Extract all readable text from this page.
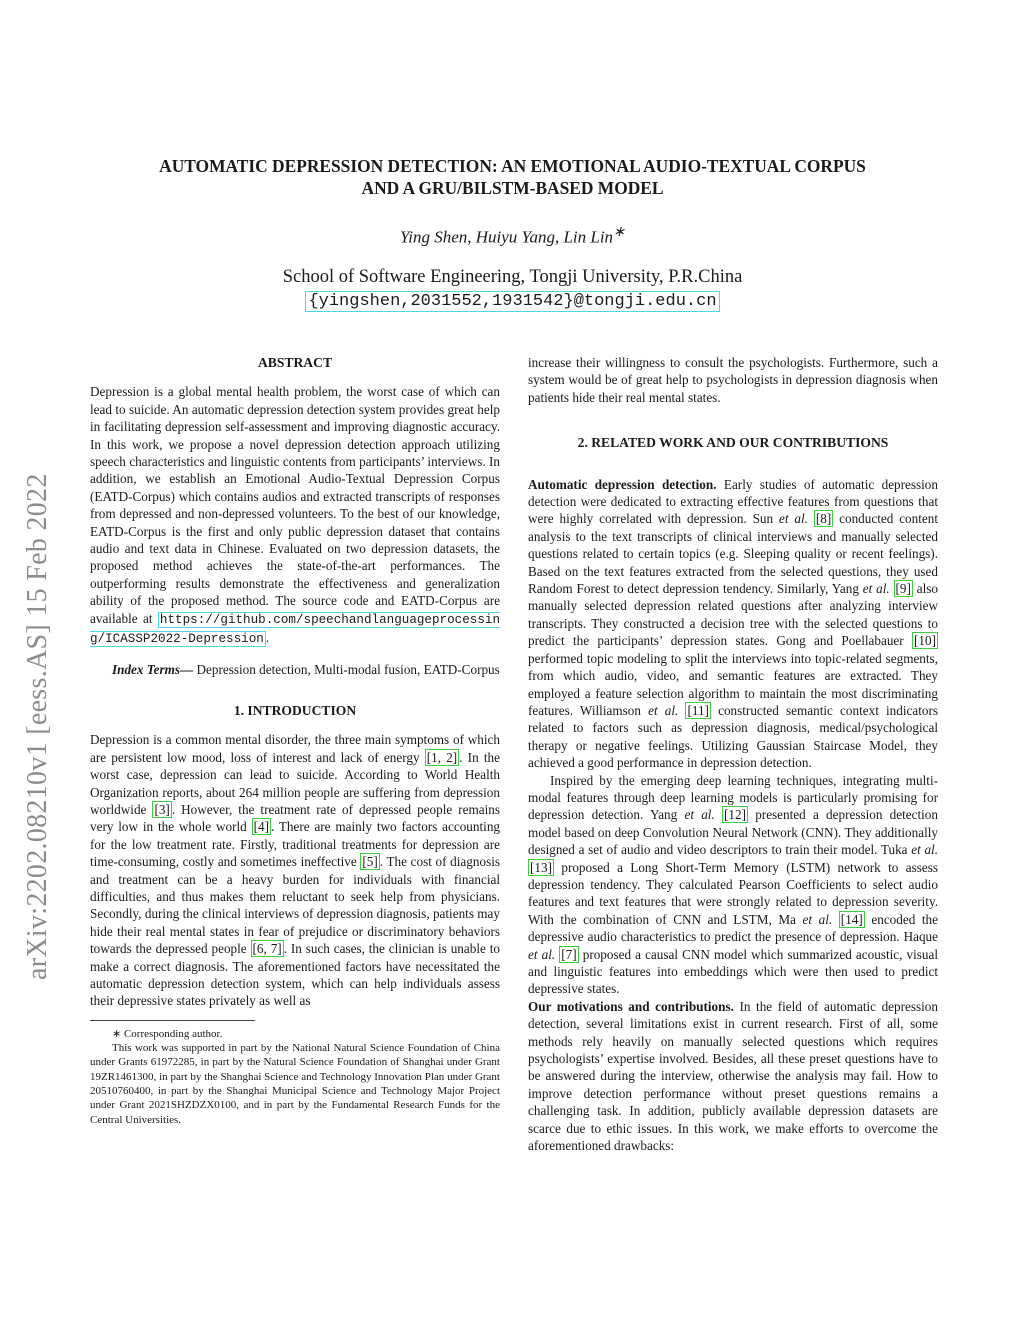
arXiv:2202.08210v1 [eess.AS] 15 Feb 2022
AUTOMATIC DEPRESSION DETECTION: AN EMOTIONAL AUDIO-TEXTUAL CORPUS
AND A GRU/BILSTM-BASED MODEL
Ying Shen, Huiyu Yang, Lin Lin∗
School of Software Engineering, Tongji University, P.R.China
{yingshen,2031552,1931542}@tongji.edu.cn
ABSTRACT

Depression is a global mental health problem, the worst case of which can lead to suicide. An automatic depression detection system provides great help in facilitating depression self-assessment and improving diagnostic accuracy. In this work, we propose a novel depression detection approach utilizing speech characteristics and linguistic contents from participants’ interviews. In addition, we establish an Emotional Audio-Textual Depression Corpus (EATD-Corpus) which contains audios and extracted transcripts of responses from depressed and non-depressed volunteers. To the best of our knowledge, EATD-Corpus is the first and only public depression dataset that contains audio and text data in Chinese. Evaluated on two depression datasets, the proposed method achieves the state-of-the-art performances. The outperforming results demonstrate the effectiveness and generalization ability of the proposed method. The source code and EATD-Corpus are available at https://github.com/speechandlanguageprocessing/ICASSP2022-Depression .

Index Terms— Depression detection, Multi-modal fusion, EATD-Corpus

1. INTRODUCTION

Depression is a common mental disorder, the three main symptoms of which are persistent low mood, loss of interest and lack of energy [1, 2] . In the worst case, depression can lead to suicide. According to World Health Organization reports, about 264 million people are suffering from depression worldwide [3] . However, the treatment rate of depressed people remains very low in the whole world [4] . There are mainly two factors accounting for the low treatment rate. Firstly, traditional treatments for depression are time-consuming, costly and sometimes ineffective [5] . The cost of diagnosis and treatment can be a heavy burden for individuals with financial difficulties, and thus makes them reluctant to seek help from physicians. Secondly, during the clinical interviews of depression diagnosis, patients may hide their real mental states in fear of prejudice or discriminatory behaviors towards the depressed people [6, 7] . In such cases, the clinician is unable to make a correct diagnosis. The aforementioned factors have necessitated the automatic depression detection system, which can help individuals assess their depressive states privately as well as

∗ Corresponding author.
This work was supported in part by the National Natural Science Foundation of China under Grants 61972285, in part by the Natural Science Foundation of Shanghai under Grant 19ZR1461300, in part by the Shanghai Science and Technology Innovation Plan under Grant 20510760400, in part by the Shanghai Municipal Science and Technology Major Project under Grant 2021SHZDZX0100, and in part by the Fundamental Research Funds for the Central Universities.

increase their willingness to consult the psychologists. Furthermore, such a system would be of great help to psychologists in depression diagnosis when patients hide their real mental states.

2. RELATED WORK AND OUR CONTRIBUTIONS

Automatic depression detection. Early studies of automatic depression detection were dedicated to extracting effective features from questions that were highly correlated with depression. Sun et al. [8] conducted content analysis to the text transcripts of clinical interviews and manually selected questions related to certain topics (e.g. Sleeping quality or recent feelings). Based on the text features extracted from the selected questions, they used Random Forest to detect depression tendency. Similarly, Yang et al. [9] also manually selected depression related questions after analyzing interview transcripts. They constructed a decision tree with the selected questions to predict the participants’ depression states. Gong and Poellabauer [10] performed topic modeling to split the interviews into topic-related segments, from which audio, video, and semantic features are extracted. They employed a feature selection algorithm to maintain the most discriminating features. Williamson et al. [11] constructed semantic context indicators related to factors such as depression diagnosis, medical/psychological therapy or negative feelings. Utilizing Gaussian Staircase Model, they achieved a good performance in depression detection.

Inspired by the emerging deep learning techniques, integrating multi-modal features through deep learning models is particularly promising for depression detection. Yang et al. [12] presented a depression detection model based on deep Convolution Neural Network (CNN). They additionally designed a set of audio and video descriptors to train their model. Tuka et al. [13] proposed a Long Short-Term Memory (LSTM) network to assess depression tendency. They calculated Pearson Coefficients to select audio features and text features that were strongly related to depression severity. With the combination of CNN and LSTM, Ma et al. [14] encoded the depressive audio characteristics to predict the presence of depression. Haque et al. [7] proposed a causal CNN model which summarized acoustic, visual and linguistic features into embeddings which were then used to predict depressive states.

Our motivations and contributions. In the field of automatic depression detection, several limitations exist in current research. First of all, some methods rely heavily on manually selected questions which requires psychologists’ expertise involved. Besides, all these preset questions have to be answered during the interview, otherwise the analysis may fail. How to improve detection performance without preset questions remains a challenging task. In addition, publicly available depression datasets are scarce due to ethic issues. In this work, we make efforts to overcome the aforementioned drawbacks:
